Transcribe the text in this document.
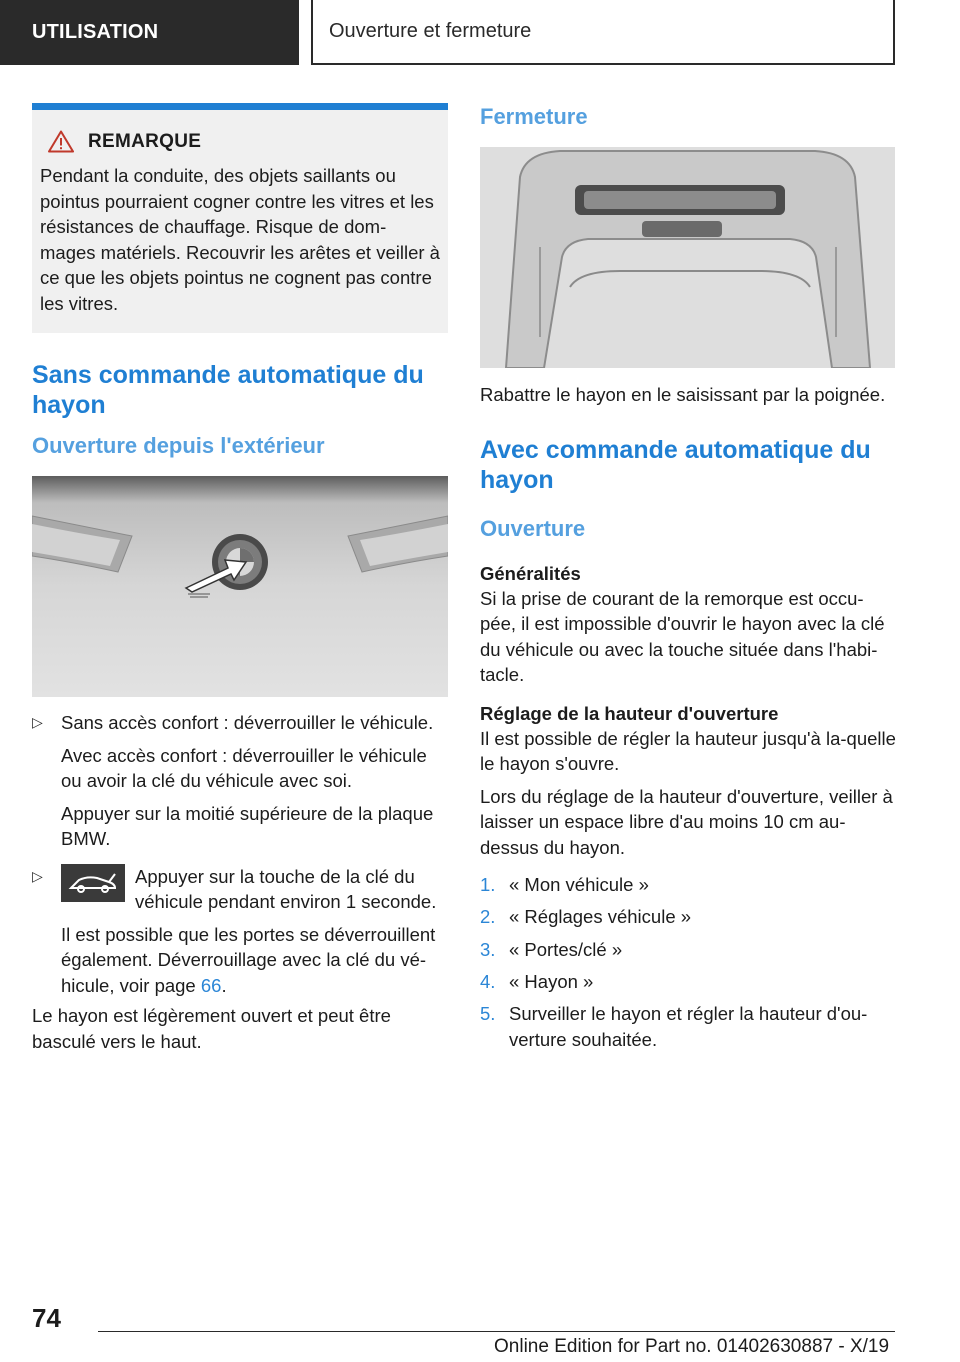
UTILISATION	Ouverture et fermeture
REMARQUE
Pendant la conduite, des objets saillants ou pointus pourraient cogner contre les vitres et les résistances de chauffage. Risque de dom-mages matériels. Recouvrir les arêtes et veiller à ce que les objets pointus ne cognent pas contre les vitres.
Sans commande automatique du hayon
Ouverture depuis l'extérieur
▷ Sans accès confort : déverrouiller le véhicule.
Avec accès confort : déverrouiller le véhicule ou avoir la clé du véhicule avec soi.
Appuyer sur la moitié supérieure de la plaque BMW.
▷	Appuyer sur la touche de la clé du véhicule pendant environ 1 seconde.
Il est possible que les portes se déverrouillent également. Déverrouillage avec la clé du vé-hicule, voir page 66.
Le hayon est légèrement ouvert et peut être basculé vers le haut.
Fermeture
Rabattre le hayon en le saisissant par la poignée.
Avec commande automatique du hayon
Ouverture
Généralités
Si la prise de courant de la remorque est occu-pée, il est impossible d'ouvrir le hayon avec la clé du véhicule ou avec la touche située dans l'habi-tacle.
Réglage de la hauteur d'ouverture
Il est possible de régler la hauteur jusqu'à la-quelle le hayon s'ouvre.
Lors du réglage de la hauteur d'ouverture, veiller à laisser un espace libre d'au moins 10 cm au-dessus du hayon.
1. « Mon véhicule »
2. « Réglages véhicule »
3. « Portes/clé »
4. « Hayon »
5. Surveiller le hayon et régler la hauteur d'ou-verture souhaitée.
74
Online Edition for Part no. 01402630887 - X/19
